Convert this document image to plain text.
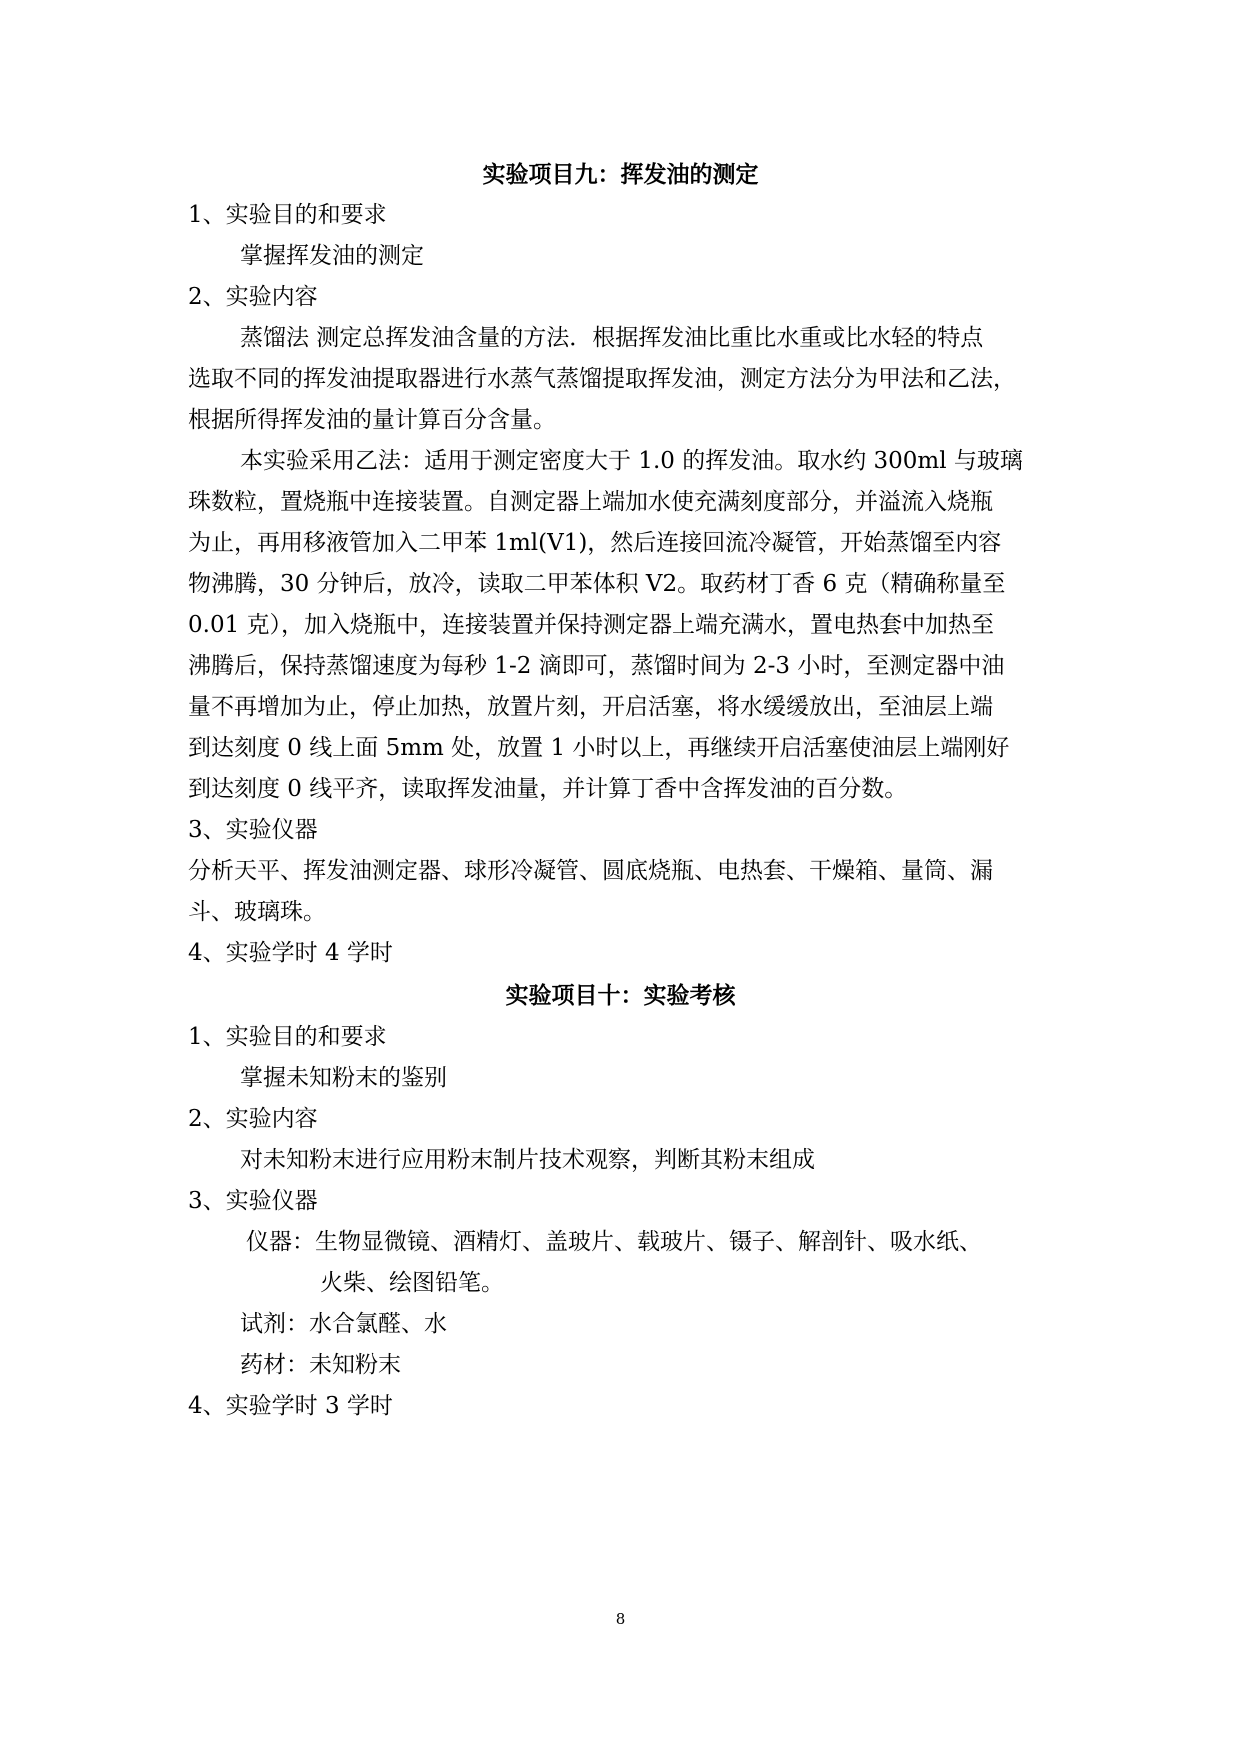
实验项目九：挥发油的测定
1、实验目的和要求
掌握挥发油的测定
2、实验内容
蒸馏法 测定总挥发油含量的方法．根据挥发油比重比水重或比水轻的特点
选取不同的挥发油提取器进行水蒸气蒸馏提取挥发油，测定方法分为甲法和乙法，
根据所得挥发油的量计算百分含量。
本实验采用乙法：适用于测定密度大于 1.0 的挥发油。取水约 300ml 与玻璃
珠数粒，置烧瓶中连接装置。自测定器上端加水使充满刻度部分，并溢流入烧瓶
为止，再用移液管加入二甲苯 1ml(V1)，然后连接回流冷凝管，开始蒸馏至内容
物沸腾，30 分钟后，放冷，读取二甲苯体积 V2。取药材丁香 6 克（精确称量至
0.01 克），加入烧瓶中，连接装置并保持测定器上端充满水，置电热套中加热至
沸腾后，保持蒸馏速度为每秒 1-2 滴即可，蒸馏时间为 2-3 小时，至测定器中油
量不再增加为止，停止加热，放置片刻，开启活塞，将水缓缓放出，至油层上端
到达刻度 0 线上面 5mm 处，放置 1 小时以上，再继续开启活塞使油层上端刚好
到达刻度 0 线平齐，读取挥发油量，并计算丁香中含挥发油的百分数。
3、实验仪器
分析天平、挥发油测定器、球形冷凝管、圆底烧瓶、电热套、干燥箱、量筒、漏
斗、玻璃珠。
4、实验学时 4 学时
实验项目十：实验考核
1、实验目的和要求
掌握未知粉末的鉴别
2、实验内容
对未知粉末进行应用粉末制片技术观察，判断其粉末组成
3、实验仪器
仪器：生物显微镜、酒精灯、盖玻片、载玻片、镊子、解剖针、吸水纸、
火柴、绘图铅笔。
试剂：水合氯醛、水
药材：未知粉末
4、实验学时 3 学时
8
